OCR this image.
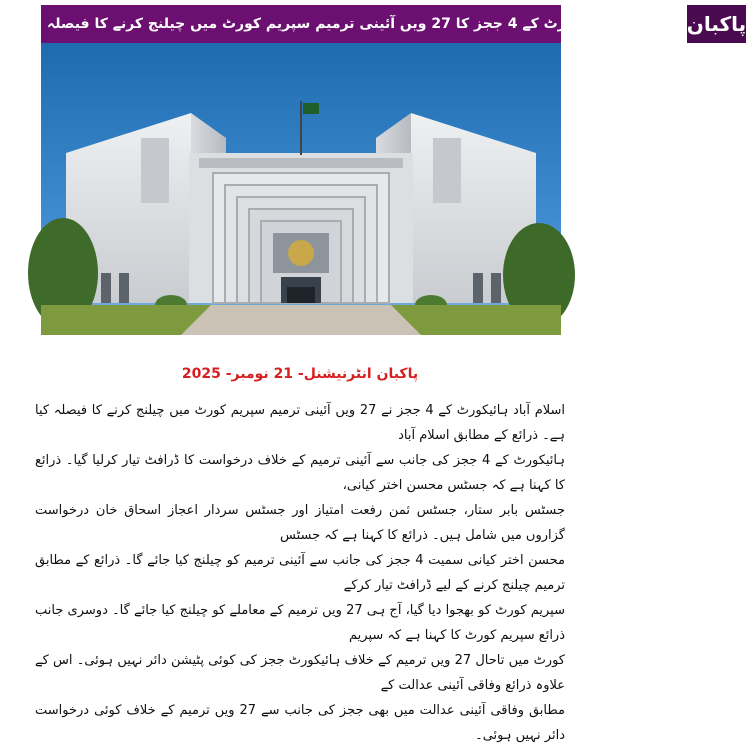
پاکبان
اسلام آباد ہائیکورٹ کے 4 ججز کا 27 ویں آئینی ترمیم سپریم کورٹ میں چیلنج کرنے کا فیصلہ
پاکبان انٹرنیشنل- 21 نومبر- 2025
اسلام آباد ہائیکورٹ کے 4 ججز نے 27 ویں آئینی ترمیم سپریم کورٹ میں چیلنج کرنے کا فیصلہ کیا ہے۔ ذرائع کے مطابق اسلام آباد
ہائیکورٹ کے 4 ججز کی جانب سے آئینی ترمیم کے خلاف درخواست کا ڈرافٹ تیار کرلیا گیا۔ ذرائع کا کہنا ہے کہ جسٹس محسن اختر کیانی،
جسٹس بابر ستار، جسٹس ثمن رفعت امتیاز اور جسٹس سردار اعجاز اسحاق خان درخواست گزاروں میں شامل ہیں۔ ذرائع کا کہنا ہے کہ جسٹس
محسن اختر کیانی سمیت 4 ججز کی جانب سے آئینی ترمیم کو چیلنج کیا جائے گا۔ ذرائع کے مطابق ترمیم چیلنج کرنے کے لیے ڈرافٹ تیار کرکے
سپریم کورٹ کو بھجوا دیا گیا، آج ہی 27 ویں ترمیم کے معاملے کو چیلنج کیا جائے گا۔ دوسری جانب ذرائع سپریم کورٹ کا کہنا ہے کہ سپریم
کورٹ میں تاحال 27 ویں ترمیم کے خلاف ہائیکورٹ ججز کی کوئی پٹیشن دائر نہیں ہوئی۔ اس کے علاوہ ذرائع وفاقی آئینی عدالت کے
مطابق وفاقی آئینی عدالت میں بھی ججز کی جانب سے 27 ویں ترمیم کے خلاف کوئی درخواست دائر نہیں ہوئی۔
